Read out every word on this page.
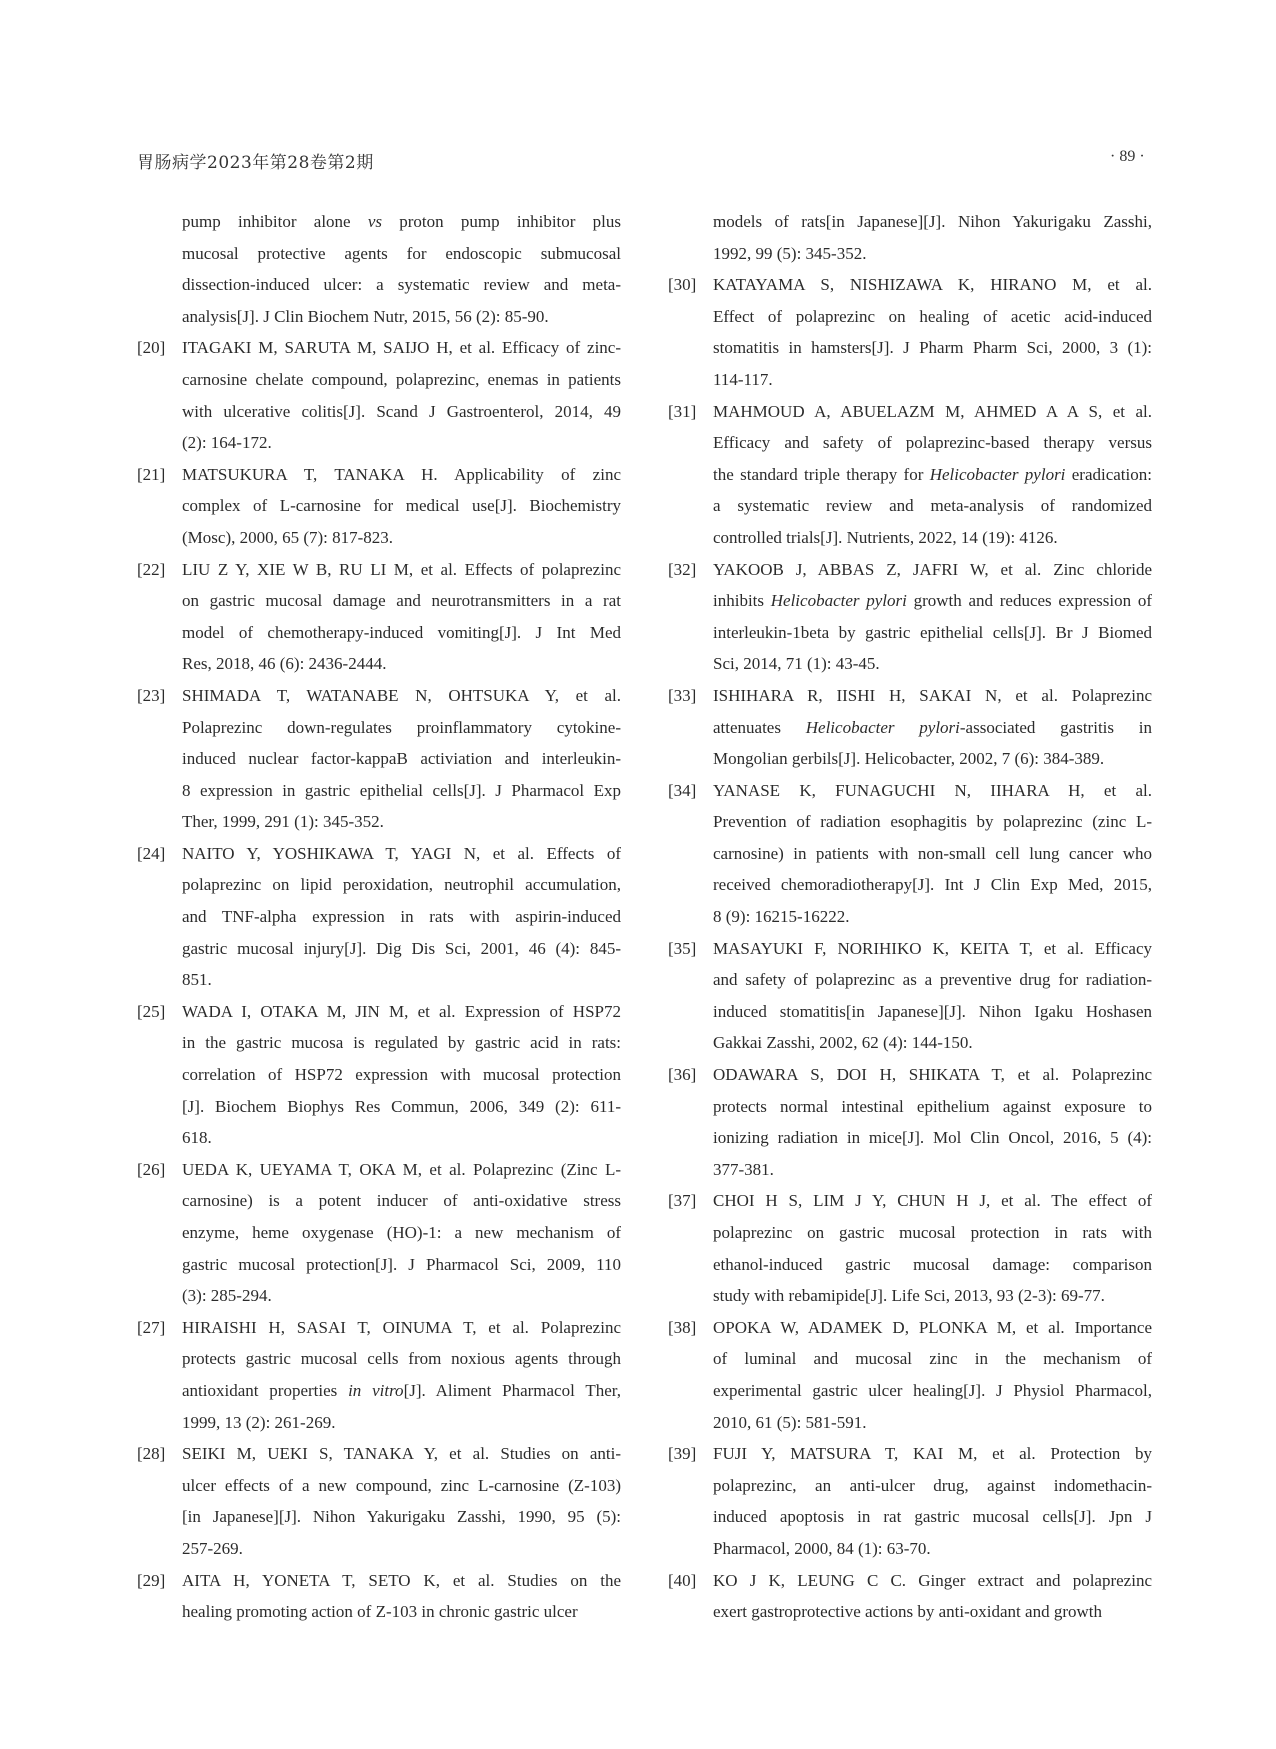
胃肠病学2023年第28卷第2期	· 89 ·
pump inhibitor alone vs proton pump inhibitor plus
mucosal protective agents for endoscopic submucosal
dissection-induced ulcer: a systematic review and meta-
analysis[J]. J Clin Biochem Nutr, 2015, 56 (2): 85-90.
[20] ITAGAKI M, SARUTA M, SAIJO H, et al. Efficacy of zinc-
carnosine chelate compound, polaprezinc, enemas in patients
with ulcerative colitis[J]. Scand J Gastroenterol, 2014, 49
(2): 164-172.
[21] MATSUKURA T, TANAKA H. Applicability of zinc
complex of L-carnosine for medical use[J]. Biochemistry
(Mosc), 2000, 65 (7): 817-823.
[22] LIU Z Y, XIE W B, RU LI M, et al. Effects of polaprezinc
on gastric mucosal damage and neurotransmitters in a rat
model of chemotherapy-induced vomiting[J]. J Int Med
Res, 2018, 46 (6): 2436-2444.
[23] SHIMADA T, WATANABE N, OHTSUKA Y, et al.
Polaprezinc down-regulates proinflammatory cytokine-
induced nuclear factor-kappaB activiation and interleukin-
8 expression in gastric epithelial cells[J]. J Pharmacol Exp
Ther, 1999, 291 (1): 345-352.
[24] NAITO Y, YOSHIKAWA T, YAGI N, et al. Effects of
polaprezinc on lipid peroxidation, neutrophil accumulation,
and TNF-alpha expression in rats with aspirin-induced
gastric mucosal injury[J]. Dig Dis Sci, 2001, 46 (4): 845-
851.
[25] WADA I, OTAKA M, JIN M, et al. Expression of HSP72
in the gastric mucosa is regulated by gastric acid in rats:
correlation of HSP72 expression with mucosal protection
[J]. Biochem Biophys Res Commun, 2006, 349 (2): 611-
618.
[26] UEDA K, UEYAMA T, OKA M, et al. Polaprezinc (Zinc L-
carnosine) is a potent inducer of anti-oxidative stress
enzyme, heme oxygenase (HO)-1: a new mechanism of
gastric mucosal protection[J]. J Pharmacol Sci, 2009, 110
(3): 285-294.
[27] HIRAISHI H, SASAI T, OINUMA T, et al. Polaprezinc
protects gastric mucosal cells from noxious agents through
antioxidant properties in vitro[J]. Aliment Pharmacol Ther,
1999, 13 (2): 261-269.
[28] SEIKI M, UEKI S, TANAKA Y, et al. Studies on anti-
ulcer effects of a new compound, zinc L-carnosine (Z-103)
[in Japanese][J]. Nihon Yakurigaku Zasshi, 1990, 95 (5):
257-269.
[29] AITA H, YONETA T, SETO K, et al. Studies on the
healing promoting action of Z-103 in chronic gastric ulcer
models of rats[in Japanese][J]. Nihon Yakurigaku Zasshi,
1992, 99 (5): 345-352.
[30] KATAYAMA S, NISHIZAWA K, HIRANO M, et al.
Effect of polaprezinc on healing of acetic acid-induced
stomatitis in hamsters[J]. J Pharm Pharm Sci, 2000, 3 (1):
114-117.
[31] MAHMOUD A, ABUELAZM M, AHMED A A S, et al.
Efficacy and safety of polaprezinc-based therapy versus
the standard triple therapy for Helicobacter pylori eradication:
a systematic review and meta-analysis of randomized
controlled trials[J]. Nutrients, 2022, 14 (19): 4126.
[32] YAKOOB J, ABBAS Z, JAFRI W, et al. Zinc chloride
inhibits Helicobacter pylori growth and reduces expression of
interleukin-1beta by gastric epithelial cells[J]. Br J Biomed
Sci, 2014, 71 (1): 43-45.
[33] ISHIHARA R, IISHI H, SAKAI N, et al. Polaprezinc
attenuates Helicobacter pylori-associated gastritis in
Mongolian gerbils[J]. Helicobacter, 2002, 7 (6): 384-389.
[34] YANASE K, FUNAGUCHI N, IIHARA H, et al.
Prevention of radiation esophagitis by polaprezinc (zinc L-
carnosine) in patients with non-small cell lung cancer who
received chemoradiotherapy[J]. Int J Clin Exp Med, 2015,
8 (9): 16215-16222.
[35] MASAYUKI F, NORIHIKO K, KEITA T, et al. Efficacy
and safety of polaprezinc as a preventive drug for radiation-
induced stomatitis[in Japanese][J]. Nihon Igaku Hoshasen
Gakkai Zasshi, 2002, 62 (4): 144-150.
[36] ODAWARA S, DOI H, SHIKATA T, et al. Polaprezinc
protects normal intestinal epithelium against exposure to
ionizing radiation in mice[J]. Mol Clin Oncol, 2016, 5 (4):
377-381.
[37] CHOI H S, LIM J Y, CHUN H J, et al. The effect of
polaprezinc on gastric mucosal protection in rats with
ethanol-induced gastric mucosal damage: comparison
study with rebamipide[J]. Life Sci, 2013, 93 (2-3): 69-77.
[38] OPOKA W, ADAMEK D, PLONKA M, et al. Importance
of luminal and mucosal zinc in the mechanism of
experimental gastric ulcer healing[J]. J Physiol Pharmacol,
2010, 61 (5): 581-591.
[39] FUJI Y, MATSURA T, KAI M, et al. Protection by
polaprezinc, an anti-ulcer drug, against indomethacin-
induced apoptosis in rat gastric mucosal cells[J]. Jpn J
Pharmacol, 2000, 84 (1): 63-70.
[40] KO J K, LEUNG C C. Ginger extract and polaprezinc
exert gastroprotective actions by anti-oxidant and growth
